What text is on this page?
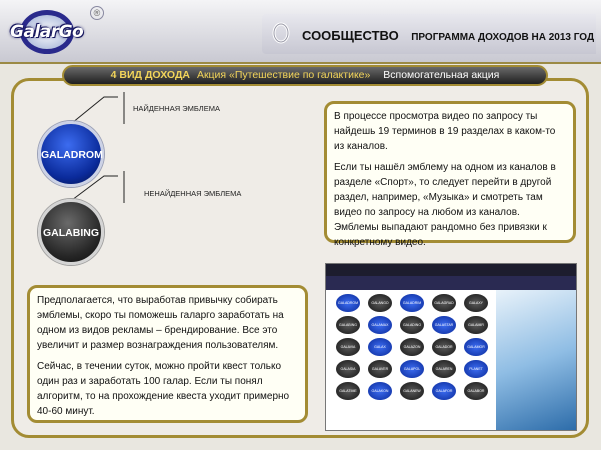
GalarGo
®
СООБЩЕСТВО ПРОГРАММА ДОХОДОВ НА 2013 ГОД
4 ВИД ДОХОДА Акция «Путешествие по галактике» Вспомогательная акция
НАЙДЕННАЯ ЭМБЛЕМА
GALADROM
НЕНАЙДЕННАЯ ЭМБЛЕМА
GALABING

В процессе просмотра видео по запросу ты найдешь 19 терминов в 19 разделах в каком-то из каналов.

Если ты нашёл эмблему на одном из каналов в разделе «Спорт», то следует перейти в другой раздел, например, «Музыка» и смотреть там видео по запросу на любом из каналов. Эмблемы выпадают рандомно без привязки к конкретному видео.

Предполагается, что выработав привычку собирать эмблемы, скоро ты поможешь галарго заработать на одном из видов рекламы – брендирование. Все это увеличит и размер вознаграждения пользователям.

Сейчас, в течении суток, можно пройти квест только один раз и заработать 100 галар. Если ты понял алгоритм, то на прохождение квеста уходит примерно 40-60 минут.

GALADROM	GALANGO	GALADRIM	GALAGRAD	GALAXY
GALABING	GALAMAX	GALADINO	GALASTAR	GALAMIR
GALAVIA	GALAX	GALAZON	GALADOR	GALAMOR
GALASIA	GALAVER	GALAPOL	GALAREN	PLANET
GALATIME	GALAKON	GALANEW	GALAFOR	GALABOR
